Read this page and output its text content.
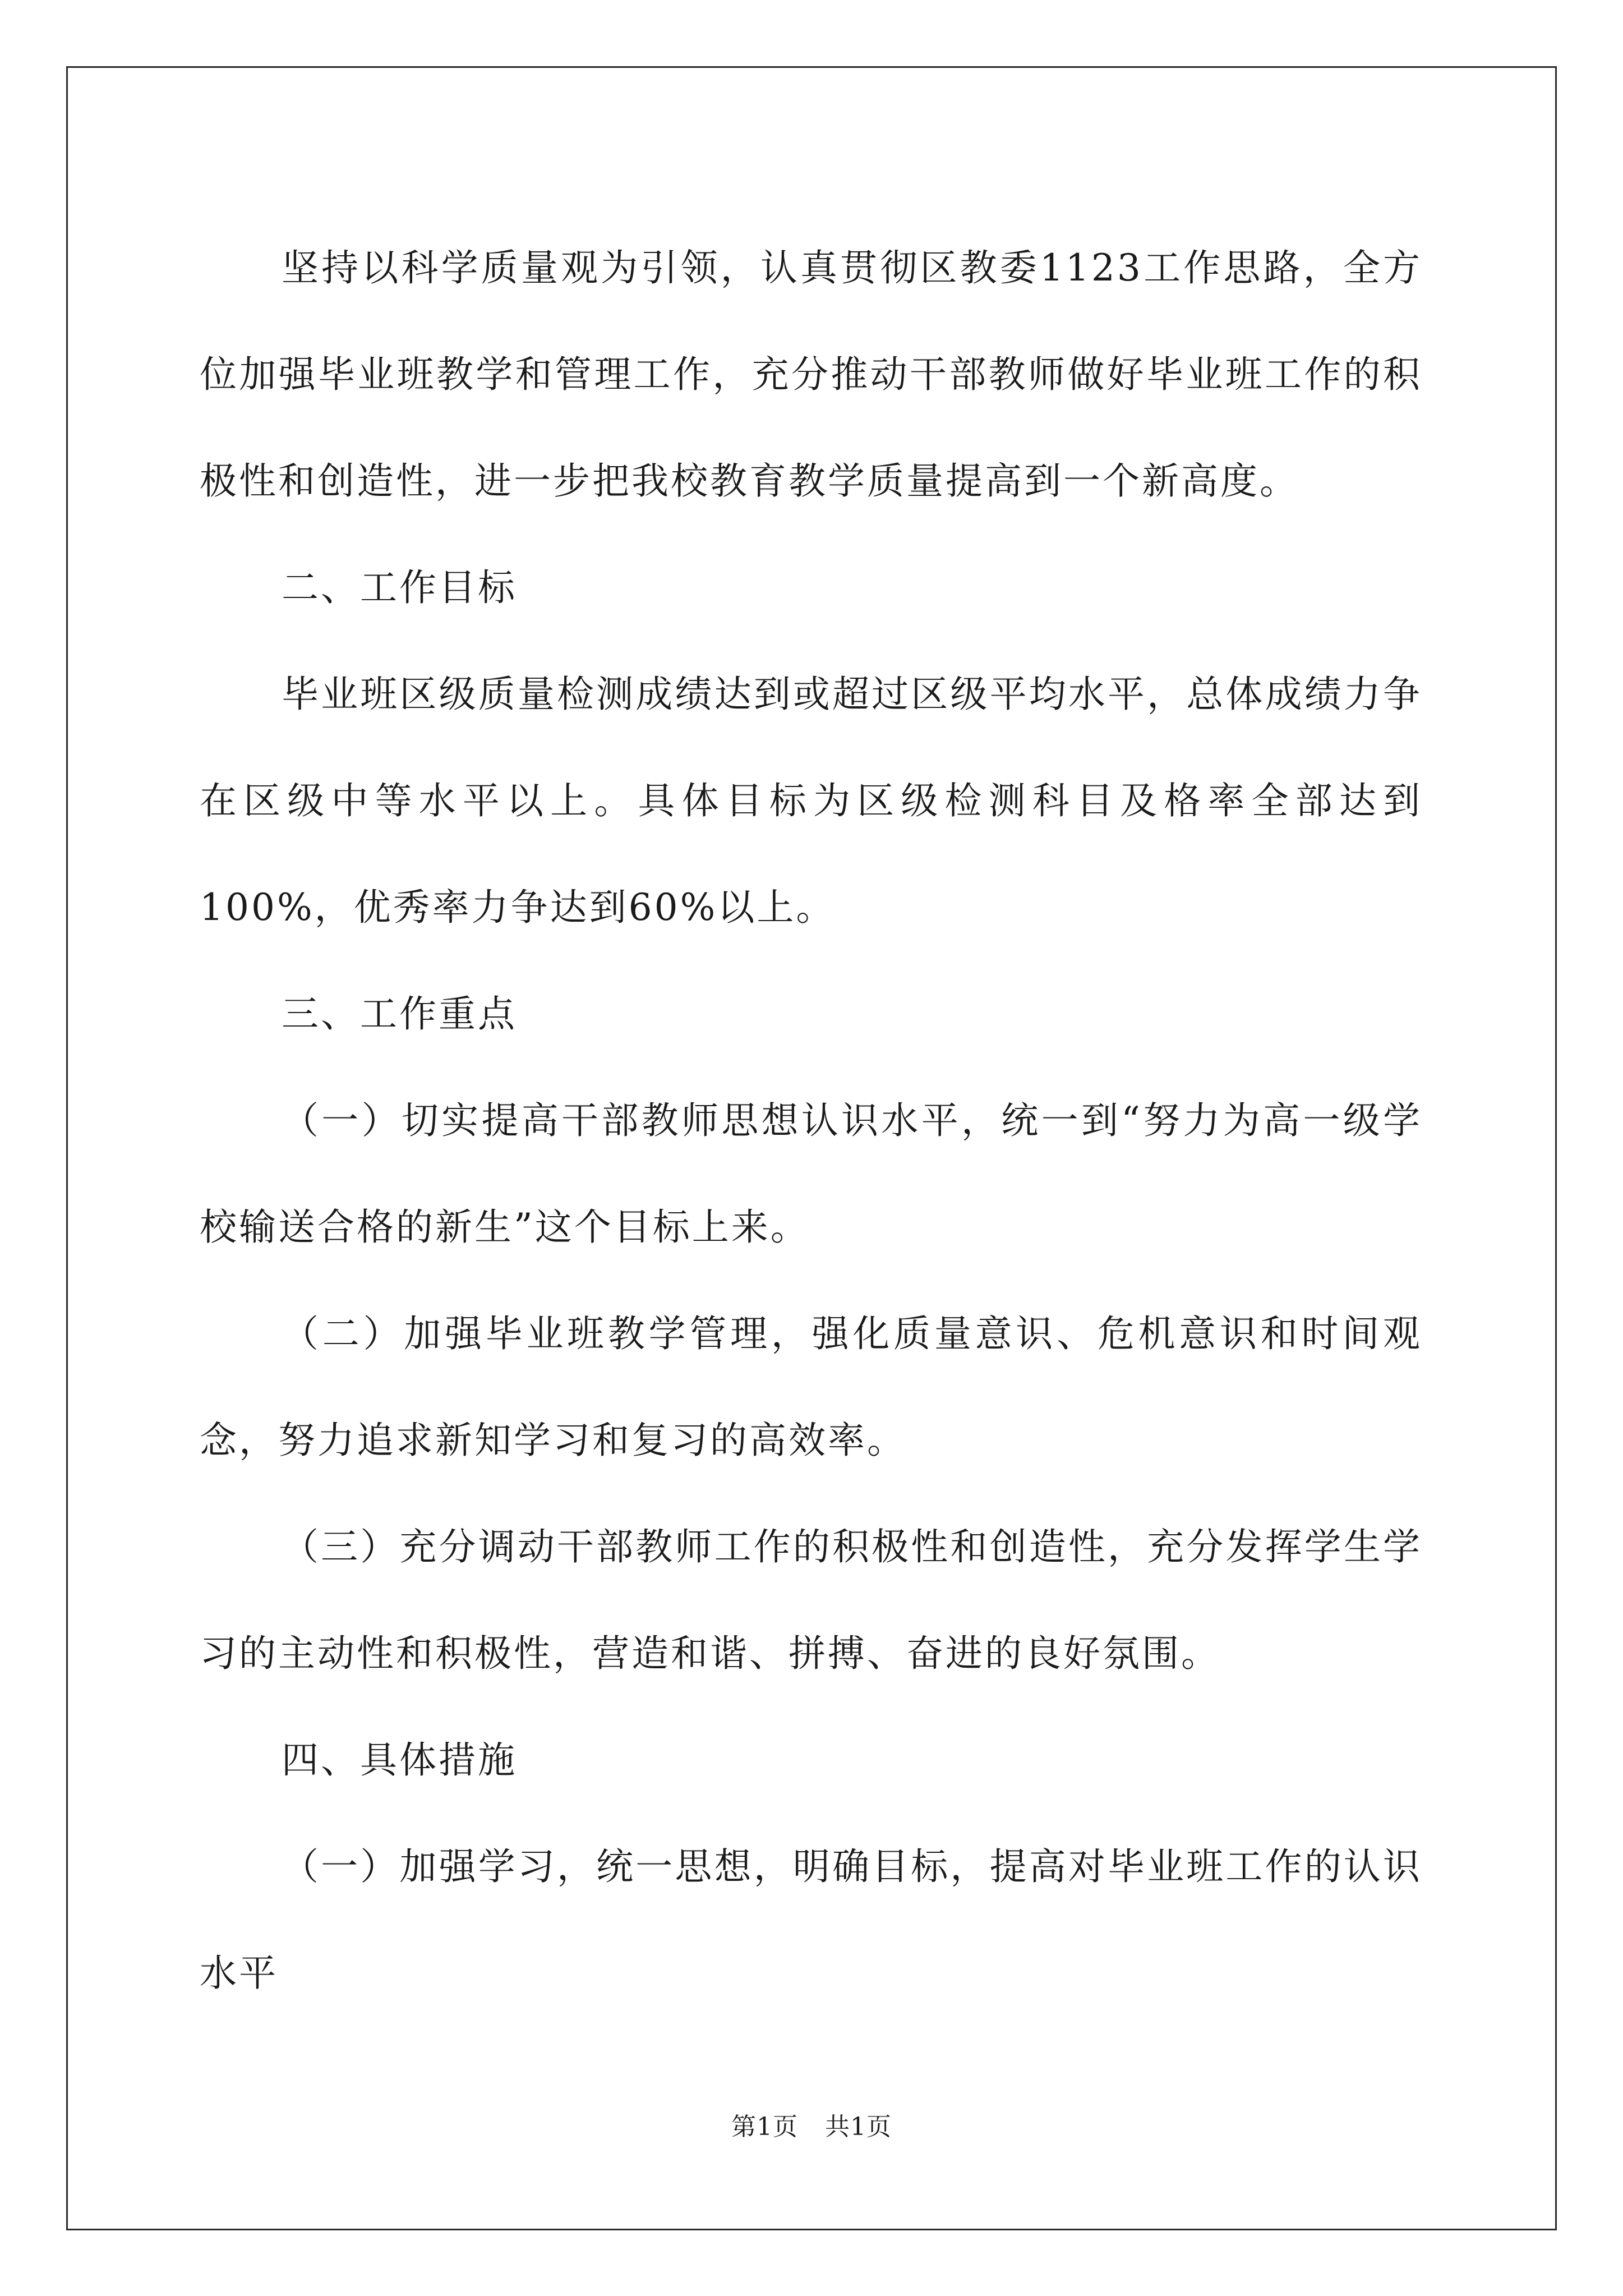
坚持以科学质量观为引领，认真贯彻区教委1123工作思路，全方位加强毕业班教学和管理工作，充分推动干部教师做好毕业班工作的积极性和创造性，进一步把我校教育教学质量提高到一个新高度。

二、工作目标

毕业班区级质量检测成绩达到或超过区级平均水平，总体成绩力争在区级中等水平以上。具体目标为区级检测科目及格率全部达到100%，优秀率力争达到60%以上。

三、工作重点

（一）切实提高干部教师思想认识水平，统一到“努力为高一级学校输送合格的新生”这个目标上来。

（二）加强毕业班教学管理，强化质量意识、危机意识和时间观念，努力追求新知学习和复习的高效率。

（三）充分调动干部教师工作的积极性和创造性，充分发挥学生学习的主动性和积极性，营造和谐、拼搏、奋进的良好氛围。

四、具体措施

（一）加强学习，统一思想，明确目标，提高对毕业班工作的认识水平

第1页 共1页
